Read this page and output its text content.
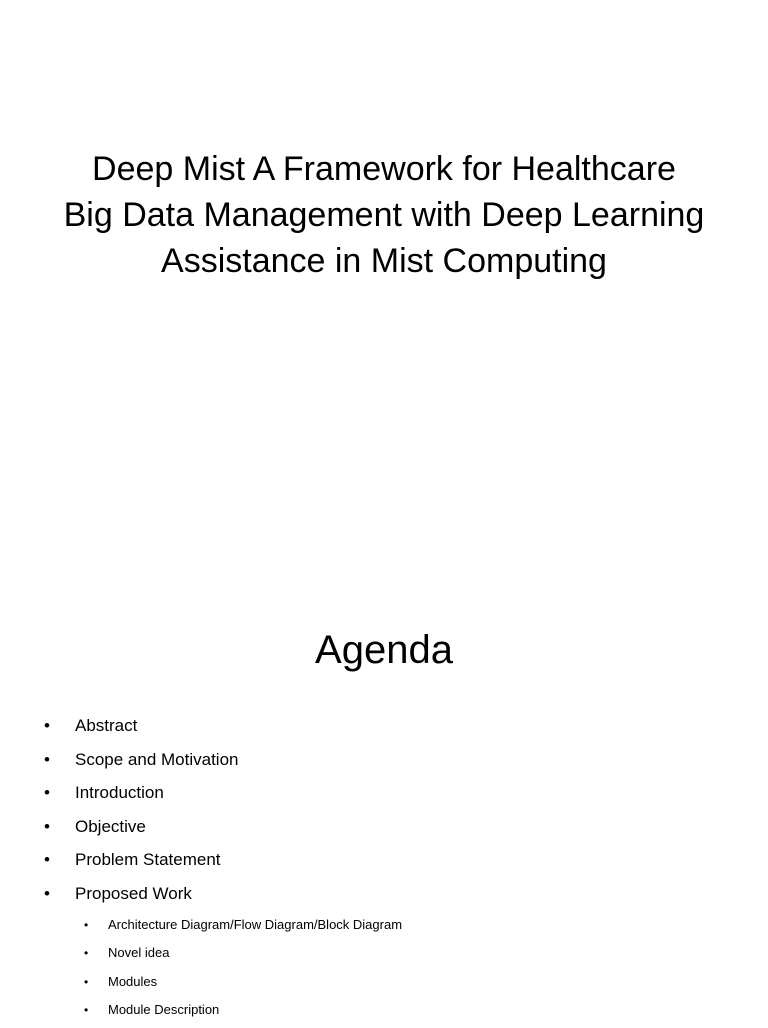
Deep Mist A Framework for Healthcare
Big Data Management with Deep Learning
Assistance in Mist Computing
Agenda
• Abstract
• Scope and Motivation
• Introduction
• Objective
• Problem Statement
• Proposed Work
• Architecture Diagram/Flow Diagram/Block Diagram
• Novel idea
• Modules
• Module Description
